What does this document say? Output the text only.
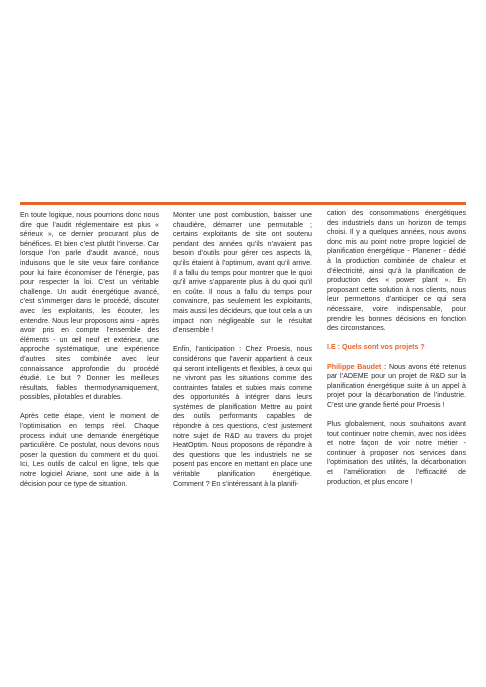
En toute logique, nous pourrions donc nous dire que l’audit réglementaire est plus « sérieux », ce dernier procurant plus de bénéfices. Et bien c’est plutôt l’inverse. Car lorsque l’on parle d’audit avancé, nous induisons que le site veux faire confiance pour lui faire économiser de l’énergie, pas pour respecter la loi. C’est un véritable challenge. Un audit énergétique avancé, c’est s’immerger dans le procédé, discuter avec les exploitants, les écouter, les entendre. Nous leur proposons ainsi - après avoir pris en compte l’ensemble des éléments - un œil neuf et extérieur, une approche systématique, une expérience d’autres sites combinée avec leur connaissance approfondie du procédé étudié. Le but ? Donner les meilleurs résultats, fiables thermodynamiquement, possibles, pilotables et durables.

Après cette étape, vient le moment de l’optimisation en temps réel. Chaque process induit une demande énergétique particulière. Ce postulat, nous devons nous poser la question du comment et du quoi. Ici, Les outils de calcul en ligne, tels que notre logiciel Ariane, sont une aide à la décision pour ce type de situation.

Monter une post combustion, baisser une chaudière, démarrer une permutable ; certains exploitants de site ont soutenu pendant des années qu’ils n’avaient pas besoin d’outils pour gérer ces aspects là, qu’ils étaient à l’optimum, avant qu’il arrive. Il a fallu du temps pour montrer que le quoi qu’il arrive s’apparente plus à du quoi qu’il en coûte. Il nous a fallu du temps pour convaincre, pas seulement les exploitants, mais aussi les décideurs, que tout cela a un impact non négligeable sur le résultat d’ensemble !

Enfin, l’anticipation : Chez Proesis, nous considérons que l’avenir appartient à ceux qui seront intelligents et flexibles, à ceux qui ne vivront pas les situations comme des contraintes fatales et subies mais comme des opportunités à intégrer dans leurs systèmes de planification Mettre au point des outils performants capables de répondre à ces questions, c’est justement notre sujet de R&D au travers du projet HeatOptim. Nous proposons de répondre à des questions que les industriels ne se posent pas encore en mettant en place une véritable planification énergétique. Comment ? En s’intéressant à la planifi-

cation des consommations énergétiques des industriels dans un horizon de temps choisi. Il y a quelques années, nous avons donc mis au point notre propre logiciel de planification énergétique - Planener - dédié à la production combinée de chaleur et d’électricité, ainsi qu’à la planification de production des « power plant ». En proposant cette solution à nos clients, nous leur permettons d’anticiper ce qui sera nécessaire, voire indispensable, pour prendre les bonnes décisions en fonction des circonstances.

I.E : Quels sont vos projets ?

Philippe Baudet : Nous avons été retenus par l’ADEME pour un projet de R&D sur la planification énergétique suite à un appel à projet pour la décarbonation de l’industrie. C’est une grande fierté pour Proesis !

Plus globalement, nous souhaitons avant tout continuer notre chemin, avec nos idées et notre façon de voir notre métier - continuer à proposer nos services dans l’optimisation des utilités, la décarbonation et l’amélioration de l’efficacité de production, et plus encore !
